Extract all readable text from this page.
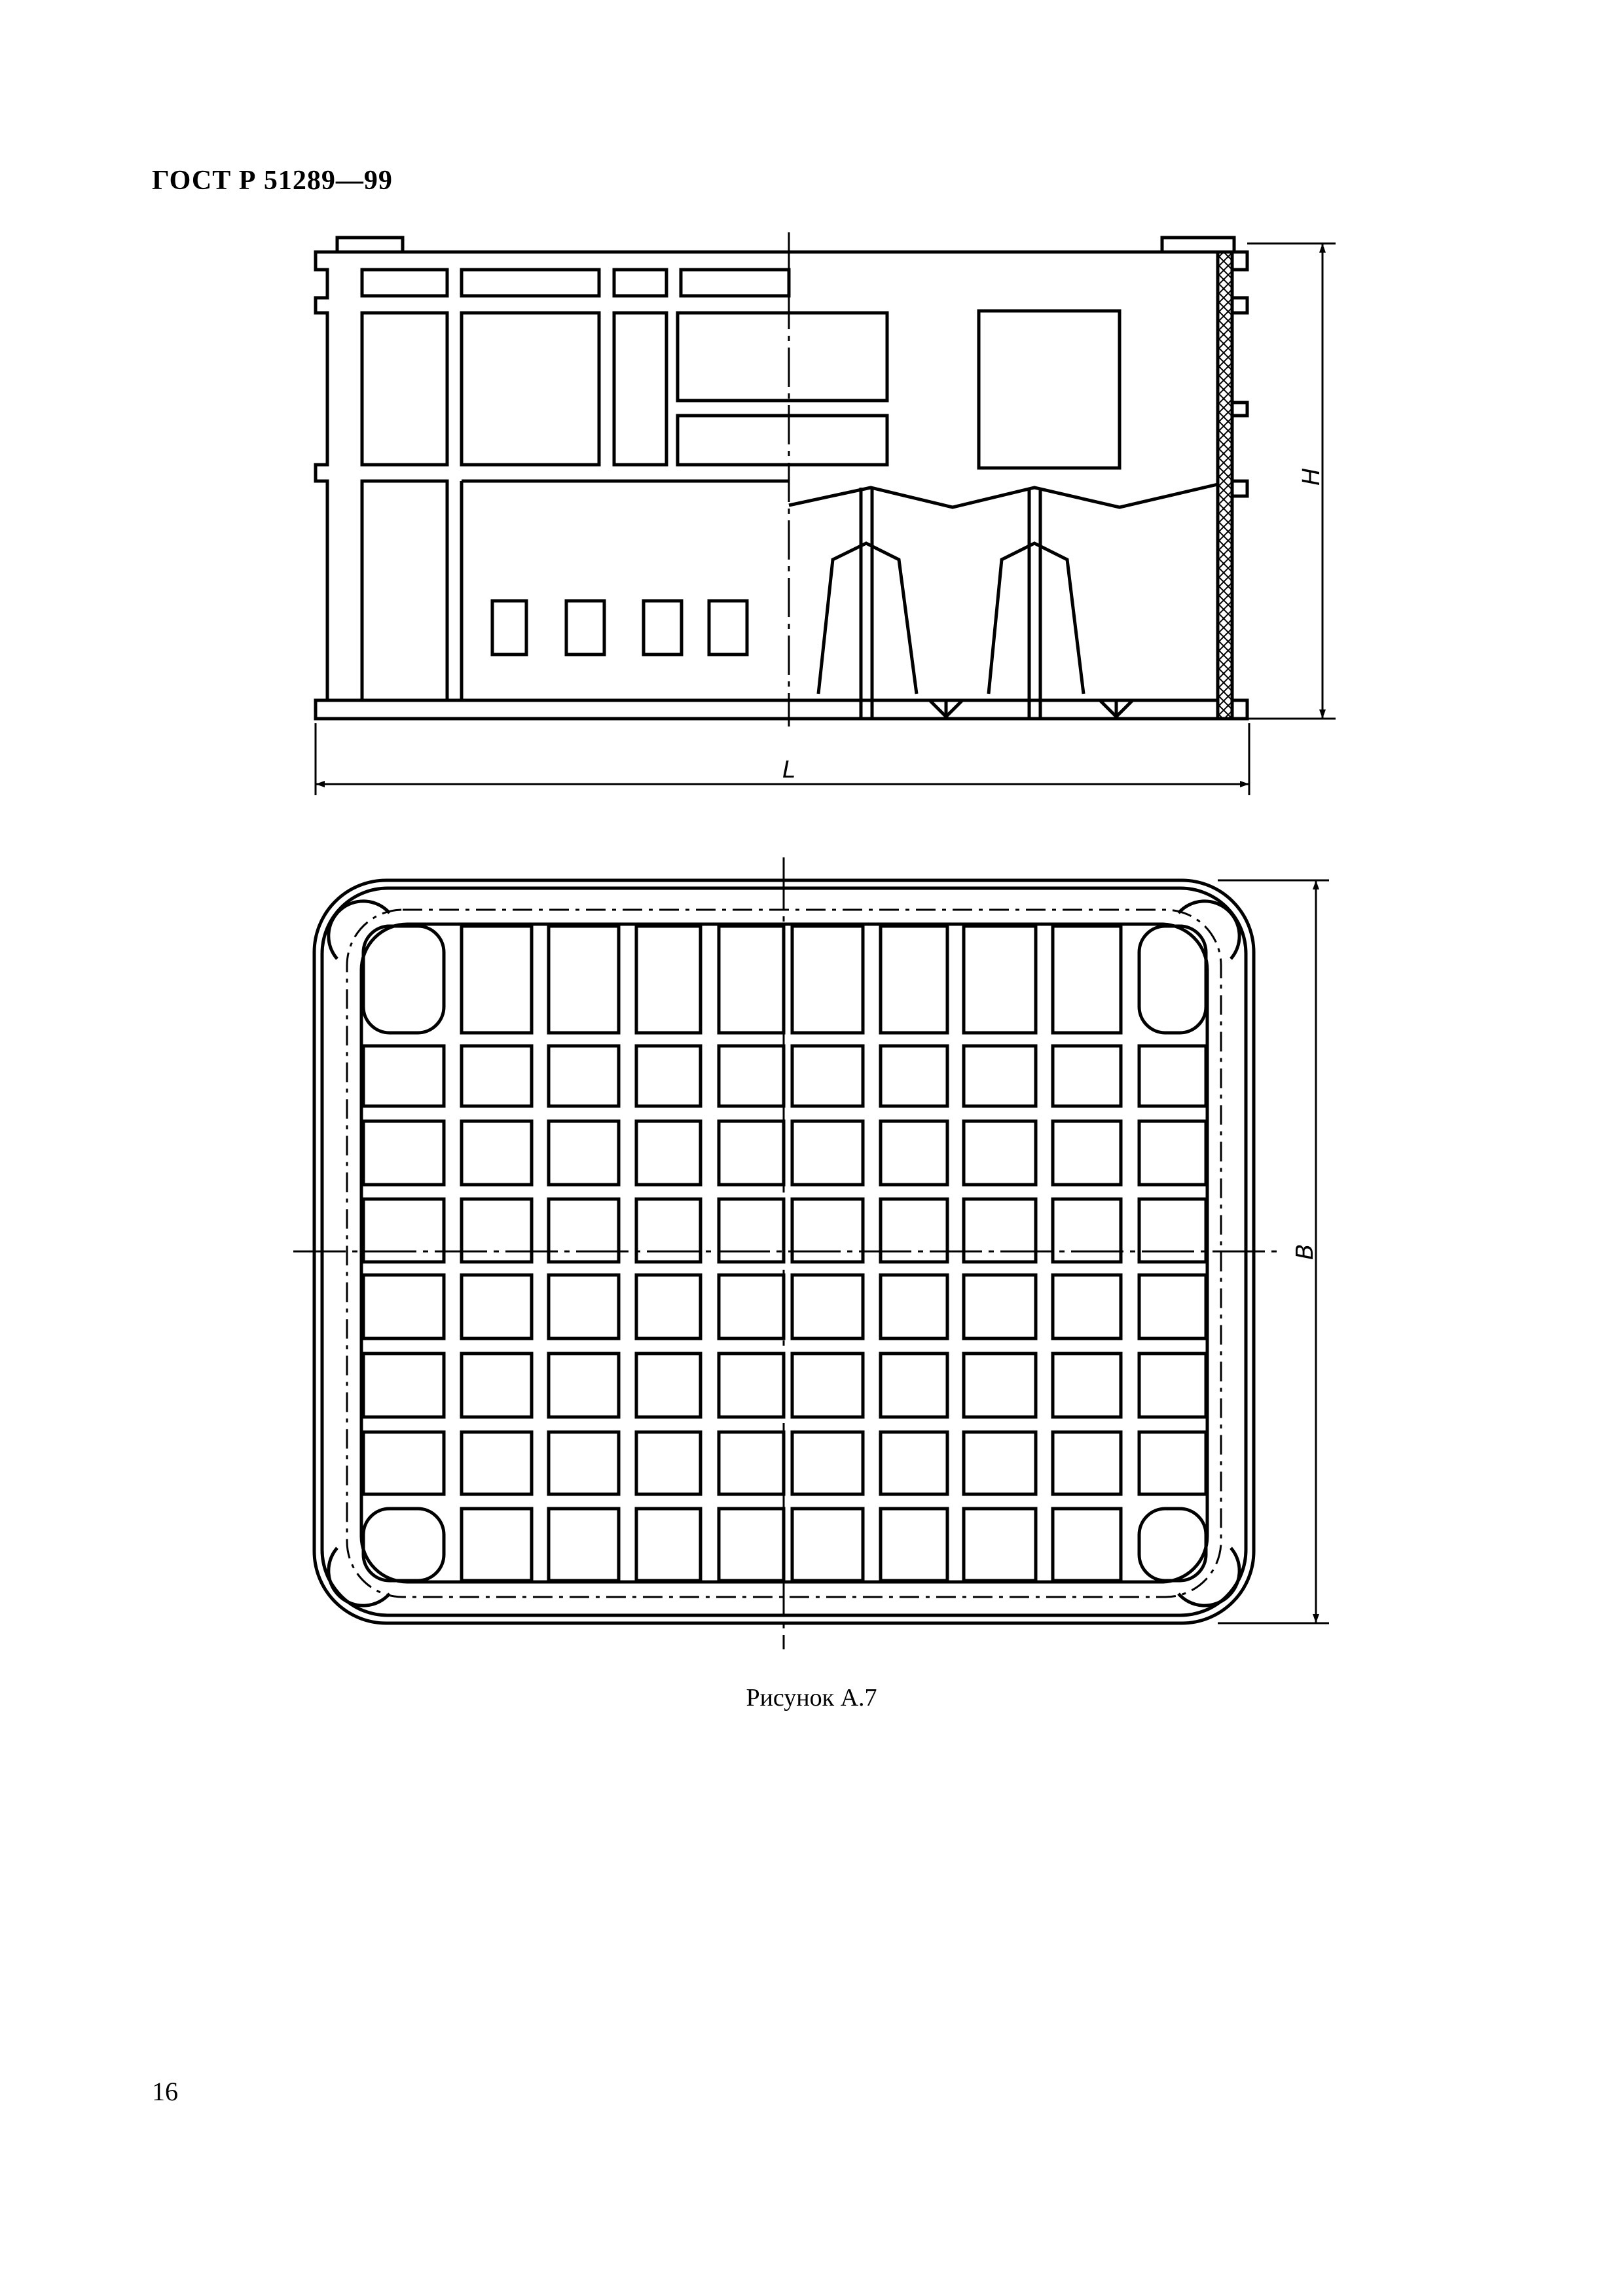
ГОСТ Р 51289—99
H
L
B
Рисунок А.7
16
